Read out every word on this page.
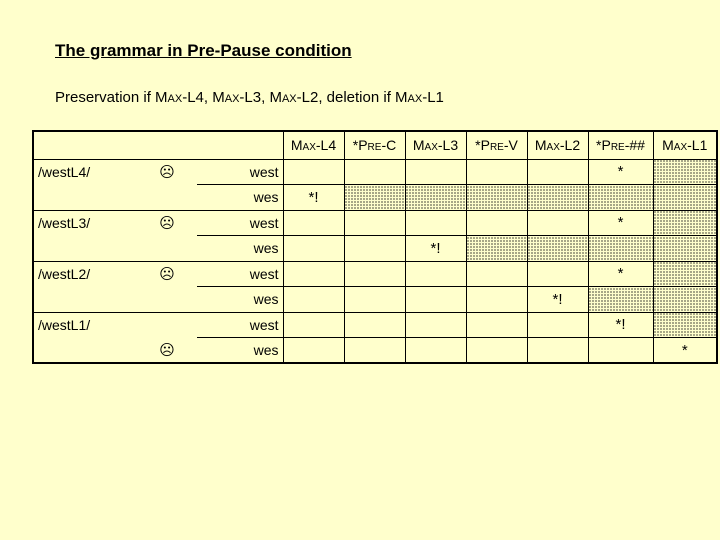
The grammar in Pre-Pause condition
Preservation if Max-L4, Max-L3, Max-L2, deletion if Max-L1
			Max-L4	*Pre-C	Max-L3	*Pre-V	Max-L2	*Pre-##	Max-L1
/westL4/	☹	west						*	
		wes	*!						
/westL3/	☹	west						*	
		wes			*!				
/westL2/	☹	west						*	
		wes					*!		
/westL1/		west						*!	
	☹	wes							*
